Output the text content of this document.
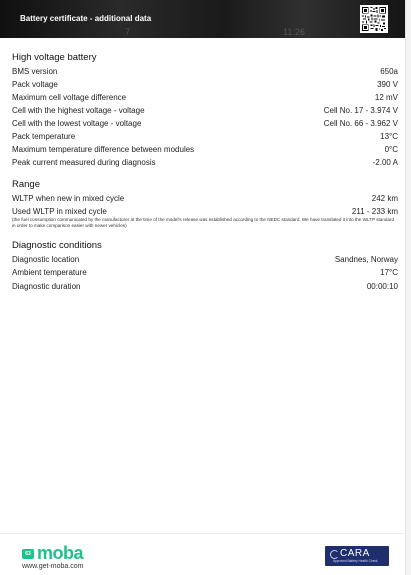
7	11:26
Battery certificate - additional data
High voltage battery
BMS version	650a
Pack voltage	390 V
Maximum cell voltage difference	12 mV
Cell with the highest voltage - voltage	Cell No. 17 - 3.974 V
Cell with the lowest voltage - voltage	Cell No. 66 - 3.962 V
Pack temperature	13°C
Maximum temperature difference between modules	0°C
Peak current measured during diagnosis	-2.00 A
Range
WLTP when new in mixed cycle	242 km
Used WLTP in mixed cycle	211 - 233 km
(the fuel consumption communicated by the manufacturer at the time of the model's release was established according to the NEDC standard. We have translated it into the WLTP standard in order to make comparison easier with newer vehicles)
Diagnostic conditions
Diagnostic location	Sandnes, Norway
Ambient temperature	17°C
Diagnostic duration	00:00:10
63 moba
www.get-moba.com
CARA
Approved Battery Health Check
